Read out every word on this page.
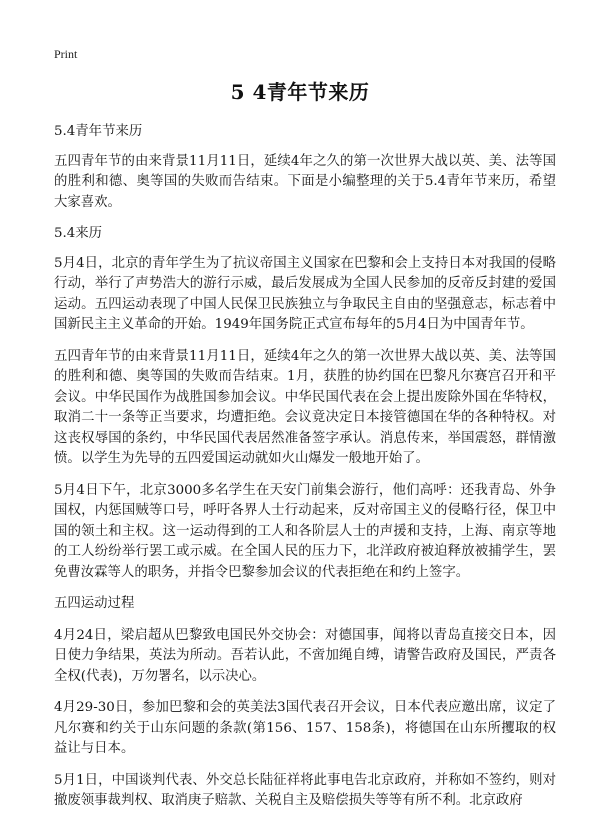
Print
5 4青年节来历

5.4青年节来历

五四青年节的由来背景11月11日，延续4年之久的第一次世界大战以英、美、法等国的胜利和德、奥等国的失败而告结束。下面是小编整理的关于5.4青年节来历，希望大家喜欢。

5.4来历

5月4日，北京的青年学生为了抗议帝国主义国家在巴黎和会上支持日本对我国的侵略行动，举行了声势浩大的游行示威，最后发展成为全国人民参加的反帝反封建的爱国运动。五四运动表现了中国人民保卫民族独立与争取民主自由的坚强意志，标志着中国新民主主义革命的开始。1949年国务院正式宣布每年的5月4日为中国青年节。

五四青年节的由来背景11月11日，延续4年之久的第一次世界大战以英、美、法等国的胜利和德、奥等国的失败而告结束。1月，获胜的协约国在巴黎凡尔赛宫召开和平会议。中华民国作为战胜国参加会议。中华民国代表在会上提出废除外国在华特权，取消二十一条等正当要求，均遭拒绝。会议竟决定日本接管德国在华的各种特权。对这丧权辱国的条约，中华民国代表居然准备签字承认。消息传来，举国震怒，群情激愤。以学生为先导的五四爱国运动就如火山爆发一般地开始了。

5月4日下午，北京3000多名学生在天安门前集会游行，他们高呼：还我青岛、外争国权，内惩国贼等口号，呼吁各界人士行动起来，反对帝国主义的侵略行径，保卫中国的领土和主权。这一运动得到的工人和各阶层人士的声援和支持，上海、南京等地的工人纷纷举行罢工或示威。在全国人民的压力下，北洋政府被迫释放被捕学生，罢免曹汝霖等人的职务，并指令巴黎参加会议的代表拒绝在和约上签字。

五四运动过程

4月24日，梁启超从巴黎致电国民外交协会：对德国事，闻将以青岛直接交日本，因日使力争结果，英法为所动。吾若认此，不啻加绳自缚，请警告政府及国民，严责各全权(代表)，万勿署名，以示决心。

4月29-30日，参加巴黎和会的英美法3国代表召开会议，日本代表应邀出席，议定了凡尔赛和约关于山东问题的条款(第156、157、158条)，将德国在山东所攫取的权益让与日本。

5月1日，中国谈判代表、外交总长陆征祥将此事电告北京政府，并称如不签约，则对撤废领事裁判权、取消庚子赔款、关税自主及赔偿损失等等有所不利。北京政府
